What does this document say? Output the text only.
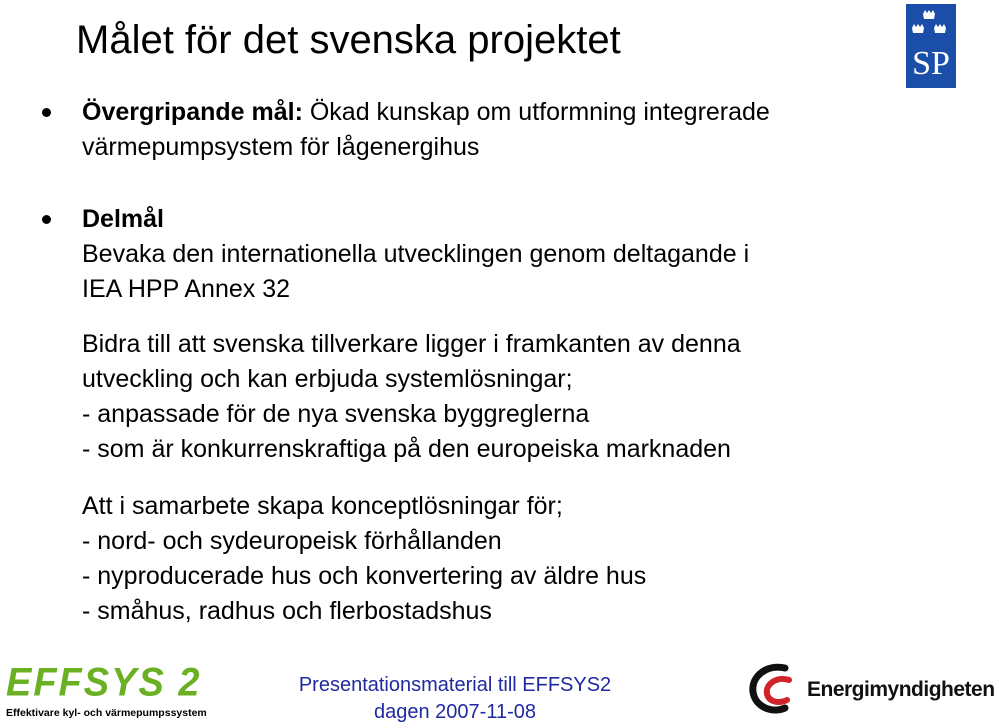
Målet för det svenska projektet
SP
Övergripande mål: Ökad kunskap om utformning integrerade
värmepumpsystem för lågenergihus
Delmål
Bevaka den internationella utvecklingen genom deltagande i
IEA HPP Annex 32
Bidra till att svenska tillverkare ligger i framkanten av denna
utveckling och kan erbjuda systemlösningar;
- anpassade för de nya svenska byggreglerna
- som är konkurrenskraftiga på den europeiska marknaden
Att i samarbete skapa konceptlösningar för;
- nord- och sydeuropeisk förhållanden
- nyproducerade hus och konvertering av äldre hus
- småhus, radhus och flerbostadshus
EFFSYS 2
Effektivare kyl- och värmepumpssystem
Presentationsmaterial till EFFSYS2
dagen 2007-11-08
Energimyndigheten
